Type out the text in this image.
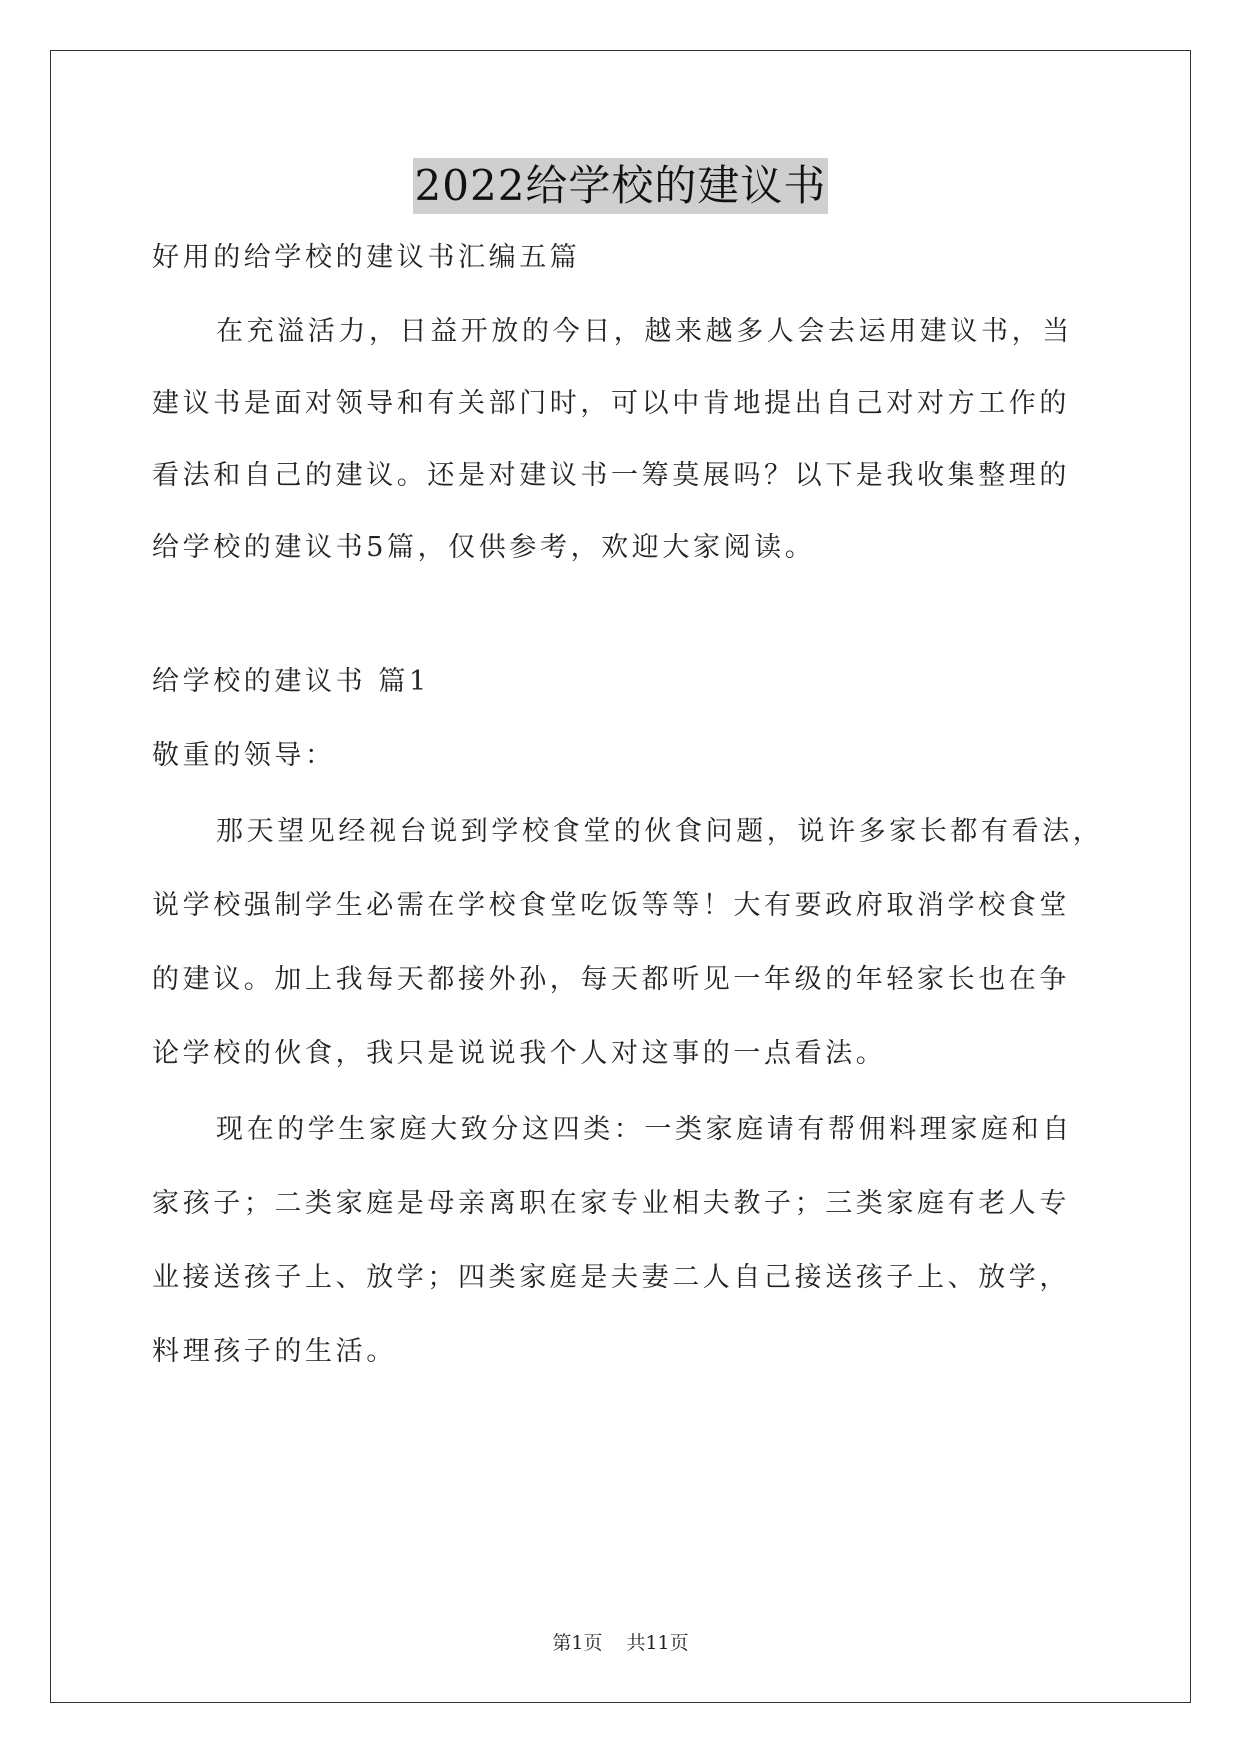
2022给学校的建议书
好用的给学校的建议书汇编五篇
在充溢活力，日益开放的今日，越来越多人会去运用建议书，当
建议书是面对领导和有关部门时，可以中肯地提出自己对对方工作的
看法和自己的建议。还是对建议书一筹莫展吗？以下是我收集整理的
给学校的建议书5篇，仅供参考，欢迎大家阅读。
给学校的建议书 篇1
敬重的领导：
那天望见经视台说到学校食堂的伙食问题，说许多家长都有看法，
说学校强制学生必需在学校食堂吃饭等等！大有要政府取消学校食堂
的建议。加上我每天都接外孙，每天都听见一年级的年轻家长也在争
论学校的伙食，我只是说说我个人对这事的一点看法。
现在的学生家庭大致分这四类：一类家庭请有帮佣料理家庭和自
家孩子；二类家庭是母亲离职在家专业相夫教子；三类家庭有老人专
业接送孩子上、放学；四类家庭是夫妻二人自己接送孩子上、放学，
料理孩子的生活。
第1页 共11页
